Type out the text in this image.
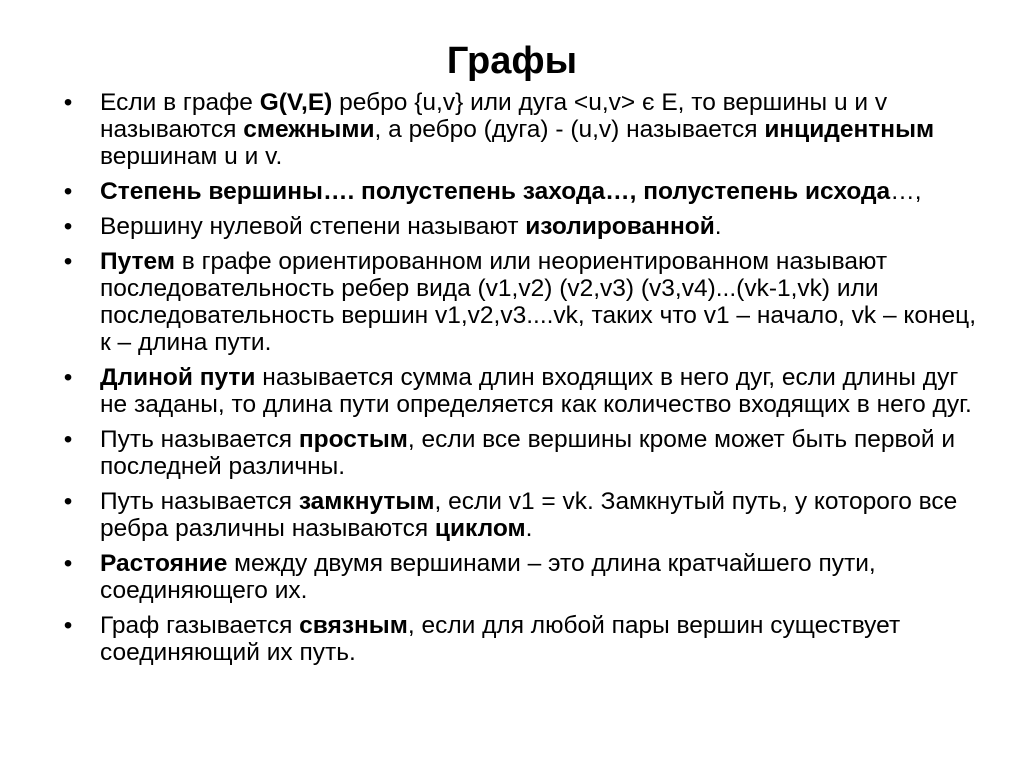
Графы
• Если в графе G(V,E) ребро {u,v} или дуга <u,v> є E, то вершины u и v называются смежными, а ребро (дуга) - (u,v) называется инцидентным вершинам u и v.
• Степень вершины…. полустепень захода…, полустепень исхода…,
• Вершину нулевой степени называют изолированной.
• Путем в графе ориентированном или неориентированном называют последовательность ребер вида (v1,v2) (v2,v3) (v3,v4)...(vk-1,vk) или последовательность вершин v1,v2,v3....vk, таких что v1 – начало, vk – конец, к – длина пути.
• Длиной пути называется сумма длин входящих в него дуг, если длины дуг не заданы, то длина пути определяется как количество входящих в него дуг.
• Путь называется простым, если все вершины кроме может быть первой и последней различны.
• Путь называется замкнутым, если v1 = vk. Замкнутый путь, у которого все ребра различны называются циклом.
• Растояние между двумя вершинами – это длина кратчайшего пути, соединяющего их.
• Граф газывается связным, если для любой пары вершин существует соединяющий их путь.
